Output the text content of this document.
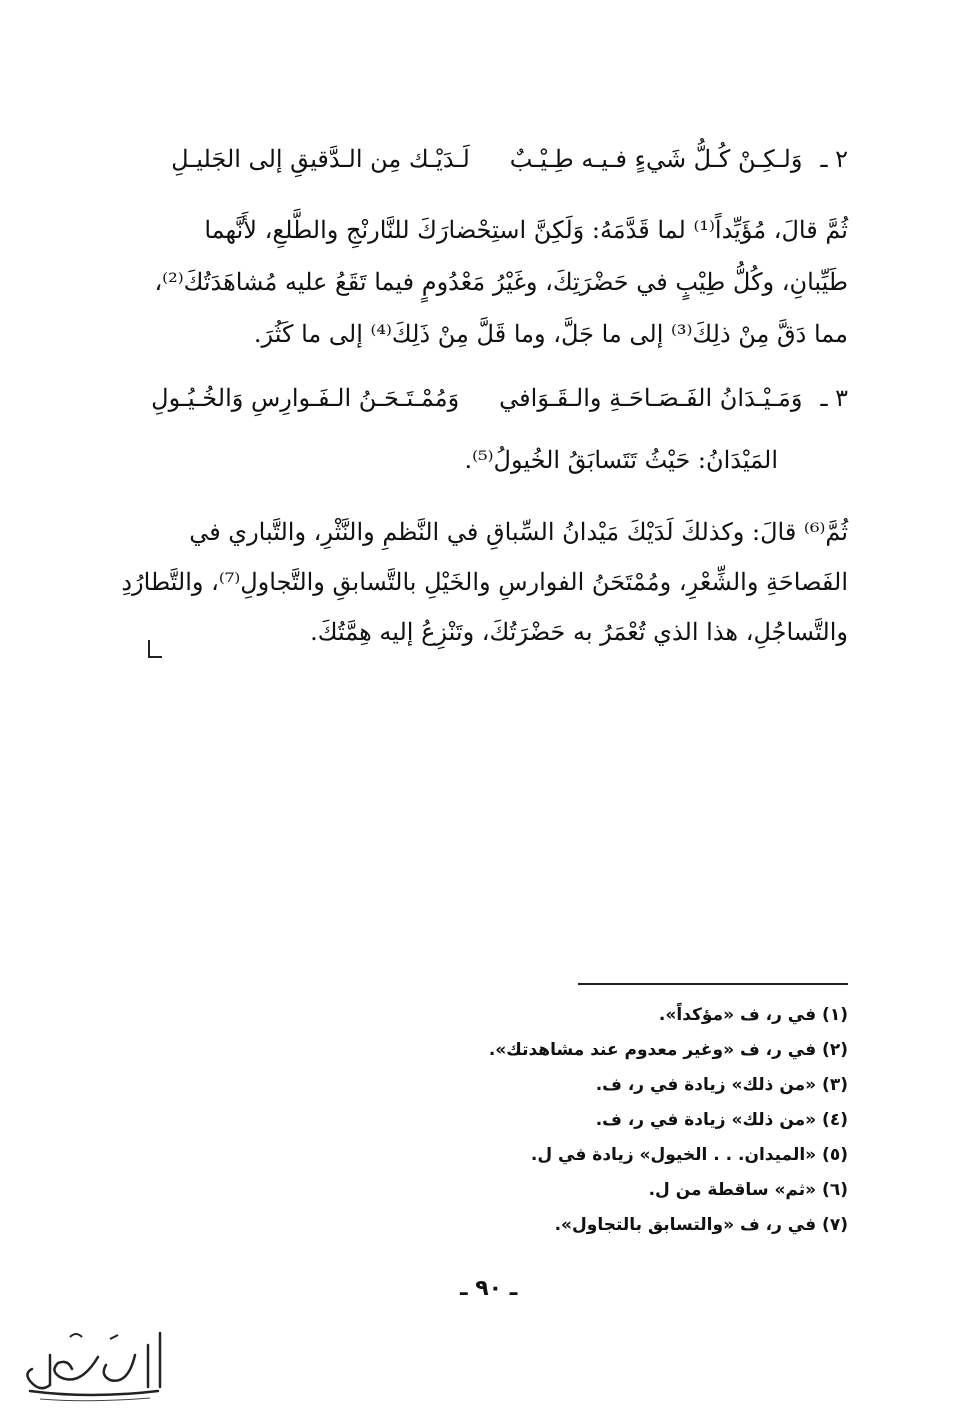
٢ ـ
وَلـكِـنْ كُـلُّ شَيءٍ فـيـه طِـيْـبٌ
لَـدَيْـك مِن الـدَّقيقِ إلى الجَليـلِ
ثُمَّ قالَ، مُؤَيِّداً⁽¹⁾ لما قَدَّمَهُ: وَلَكِنَّ استِحْضارَكَ للنَّارنْجِ والطَّلعِ، لأَنَّهما
طَيِّبانِ، وكُلُّ طِيْبٍ في حَضْرَتِكَ، وغَيْرُ مَعْدُومٍ فيما تَقَعُ عليه مُشاهَدَتُكَ⁽²⁾،
مما دَقَّ مِنْ ذلِكَ⁽³⁾ إلى ما جَلَّ، وما قَلَّ مِنْ ذَلِكَ⁽⁴⁾ إلى ما كَثُرَ.
٣ ـ
وَمَـيْـدَانُ الفَـصَـاحَـةِ والـقَـوَافي
وَمُمْـتَـحَـنُ الـفَـوارِسِ وَالخُـيُـولِ
المَيْدَانُ: حَيْثُ تَتَسابَقُ الخُيولُ⁽⁵⁾.
ثُمَّ⁽⁶⁾ قالَ: وكذلكَ لَدَيْكَ مَيْدانُ السِّباقِ في النَّظمِ والنَّثْرِ، والتَّباري في
الفَصاحَةِ والشِّعْرِ، ومُمْتَحَنُ الفوارسِ والخَيْلِ بالتَّسابقِ والتَّجاولِ⁽⁷⁾، والتَّطارُدِ
والتَّساجُلِ، هذا الذي تُعْمَرُ به حَضْرَتُكَ، وتَنْزِعُ إليه هِمَّتُكَ.
(١) في ر، ف «مؤكداً».
(٢) في ر، ف «وغير معدوم عند مشاهدتك».
(٣) «من ذلك» زيادة في ر، ف.
(٤) «من ذلك» زيادة في ر، ف.
(٥) «الميدان. . . الخيول» زيادة في ل.
(٦) «ثم» ساقطة من ل.
(٧) في ر، ف «والتسابق بالتجاول».
ـ ٩٠ ـ
